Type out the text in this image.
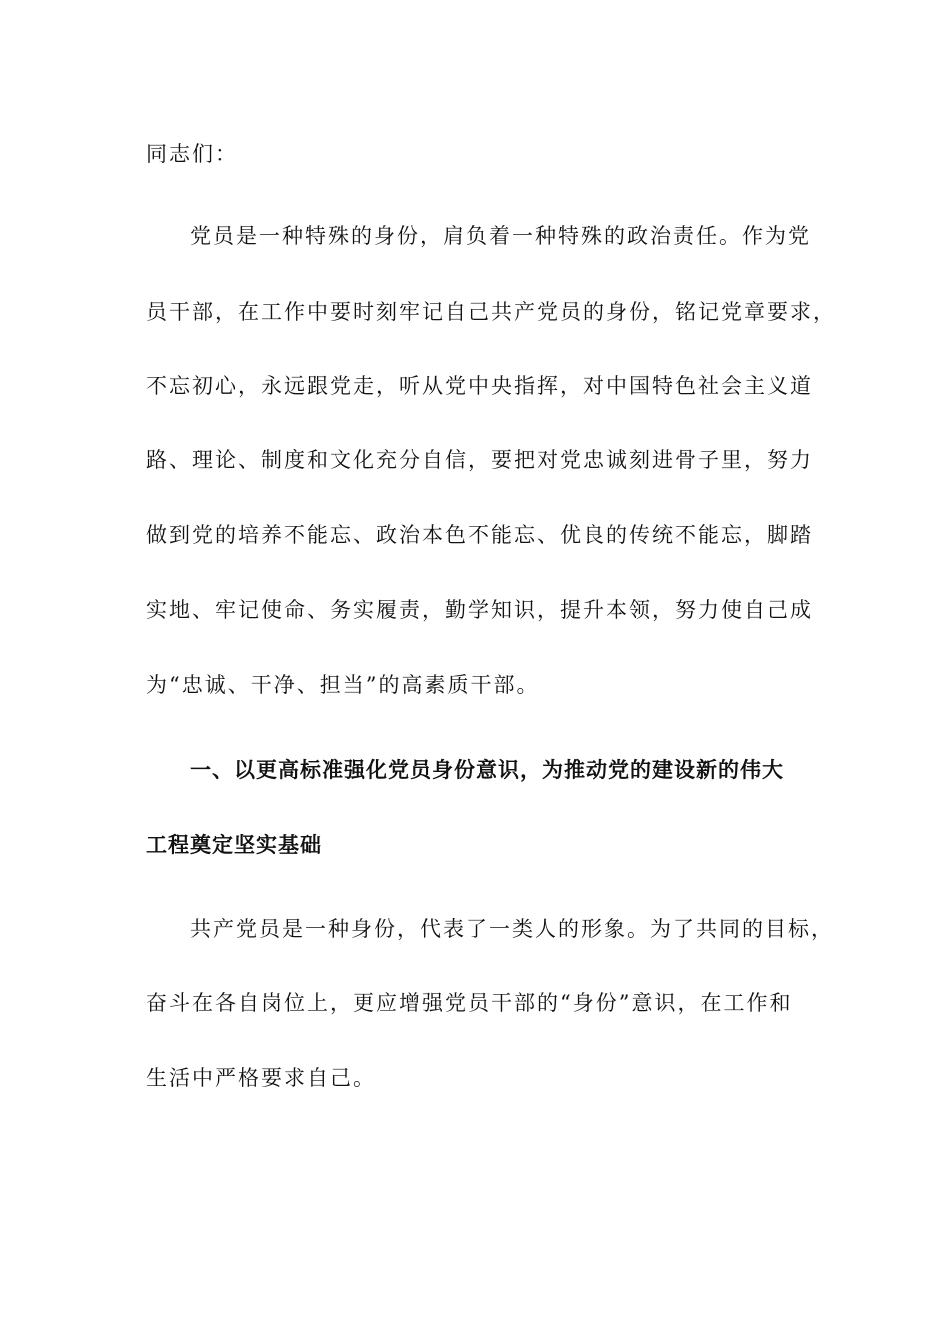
同志们：
党员是一种特殊的身份，肩负着一种特殊的政治责任。作为党
员干部，在工作中要时刻牢记自己共产党员的身份，铭记党章要求，
不忘初心，永远跟党走，听从党中央指挥，对中国特色社会主义道
路、理论、制度和文化充分自信，要把对党忠诚刻进骨子里，努力
做到党的培养不能忘、政治本色不能忘、优良的传统不能忘，脚踏
实地、牢记使命、务实履责，勤学知识，提升本领，努力使自己成
为“忠诚、干净、担当”的高素质干部。
一、以更高标准强化党员身份意识，为推动党的建设新的伟大
工程奠定坚实基础
共产党员是一种身份，代表了一类人的形象。为了共同的目标，
奋斗在各自岗位上，更应增强党员干部的“身份”意识，在工作和
生活中严格要求自己。
